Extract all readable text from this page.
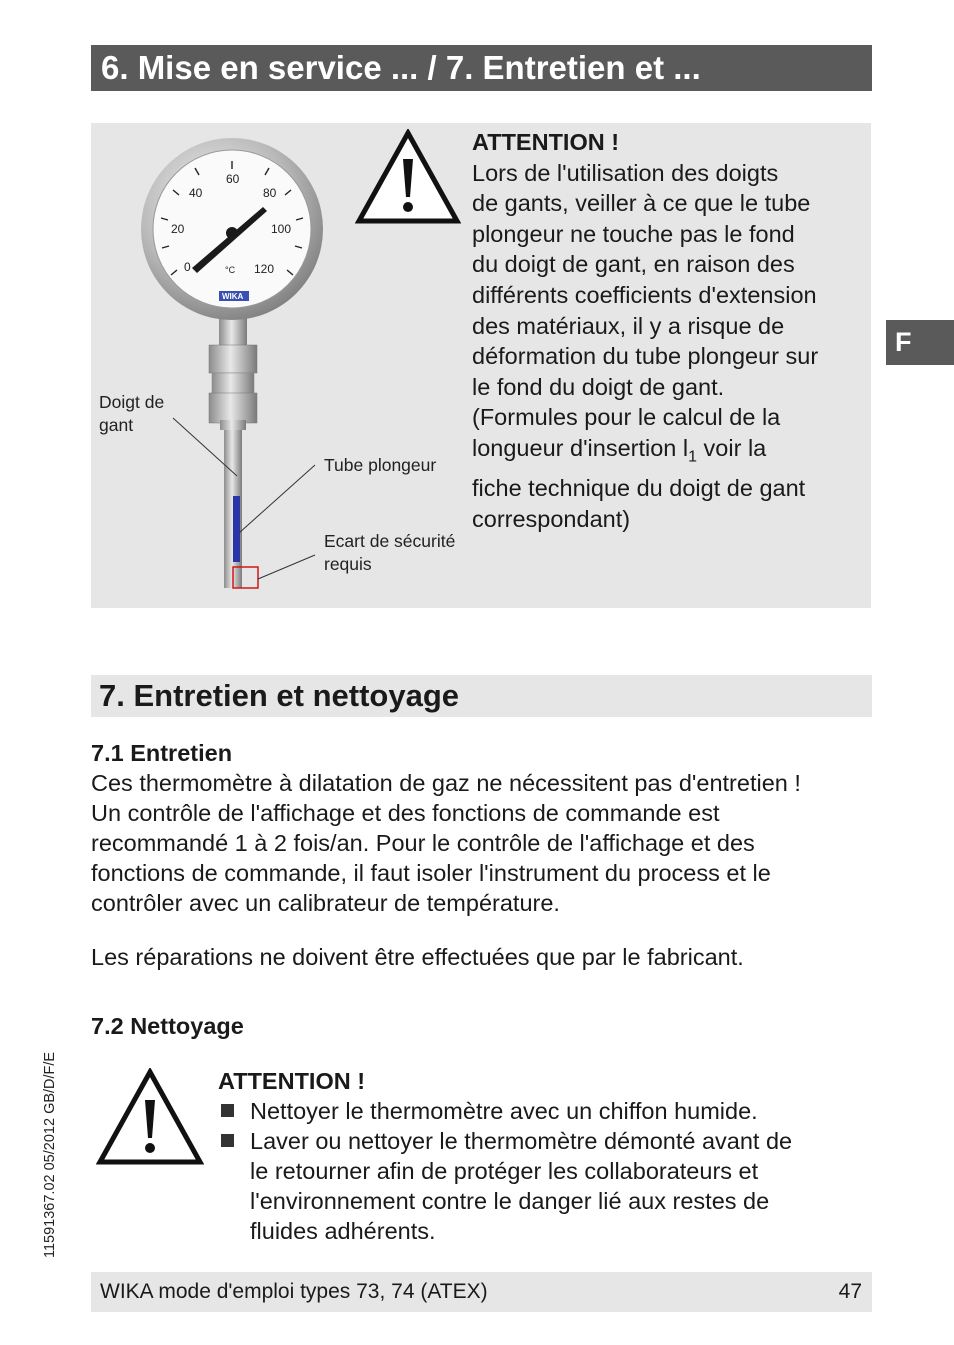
6. Mise en service ... / 7. Entretien et ...
F
40
60
80
20	100
0	120
°C
WIKA
Doigt de
gant
Tube plongeur
Ecart de sécurité
requis
ATTENTION !
Lors de l'utilisation des doigts
de gants, veiller à ce que le tube
plongeur ne touche pas le fond
du doigt de gant, en raison des
différents coefficients d'extension
des matériaux, il y a risque de
déformation du tube plongeur sur
le fond du doigt de gant.
(Formules pour le calcul de la
longueur d'insertion $l_1$ voir la
fiche technique du doigt de gant
correspondant)
7. Entretien et nettoyage
7.1 Entretien
Ces thermomètre à dilatation de gaz ne nécessitent pas d'entretien !
Un contrôle de l'affichage et des fonctions de commande est
recommandé 1 à 2 fois/an. Pour le contrôle de l'affichage et des
fonctions de commande, il faut isoler l'instrument du process et le
contrôler avec un calibrateur de température.
Les réparations ne doivent être effectuées que par le fabricant.
7.2 Nettoyage
ATTENTION !
Nettoyer le thermomètre avec un chiffon humide.
Laver ou nettoyer le thermomètre démonté avant de
le retourner afin de protéger les collaborateurs et
l'environnement contre le danger lié aux restes de
fluides adhérents.
11591367.02 05/2012 GB/D/F/E
WIKA mode d'emploi types 73, 74 (ATEX)	47
